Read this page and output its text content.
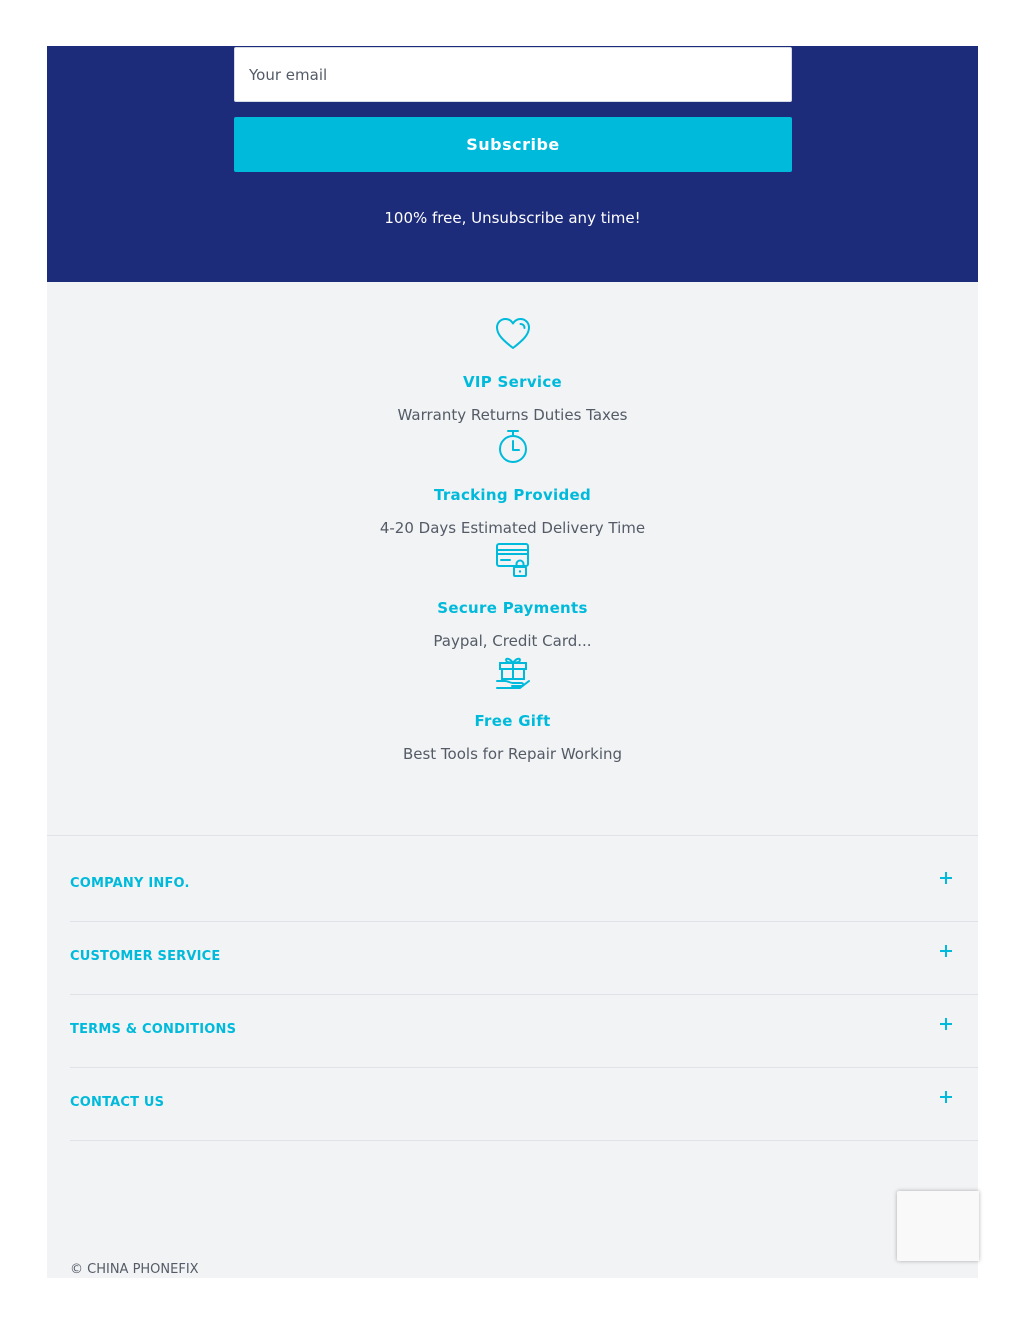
Your email
Subscribe
100% free, Unsubscribe any time!
VIP Service
Warranty Returns Duties Taxes
Tracking Provided
4-20 Days Estimated Delivery Time
Secure Payments
Paypal, Credit Card...
Free Gift
Best Tools for Repair Working
COMPANY INFO.
CUSTOMER SERVICE
TERMS & CONDITIONS
CONTACT US
© CHINA PHONEFIX
